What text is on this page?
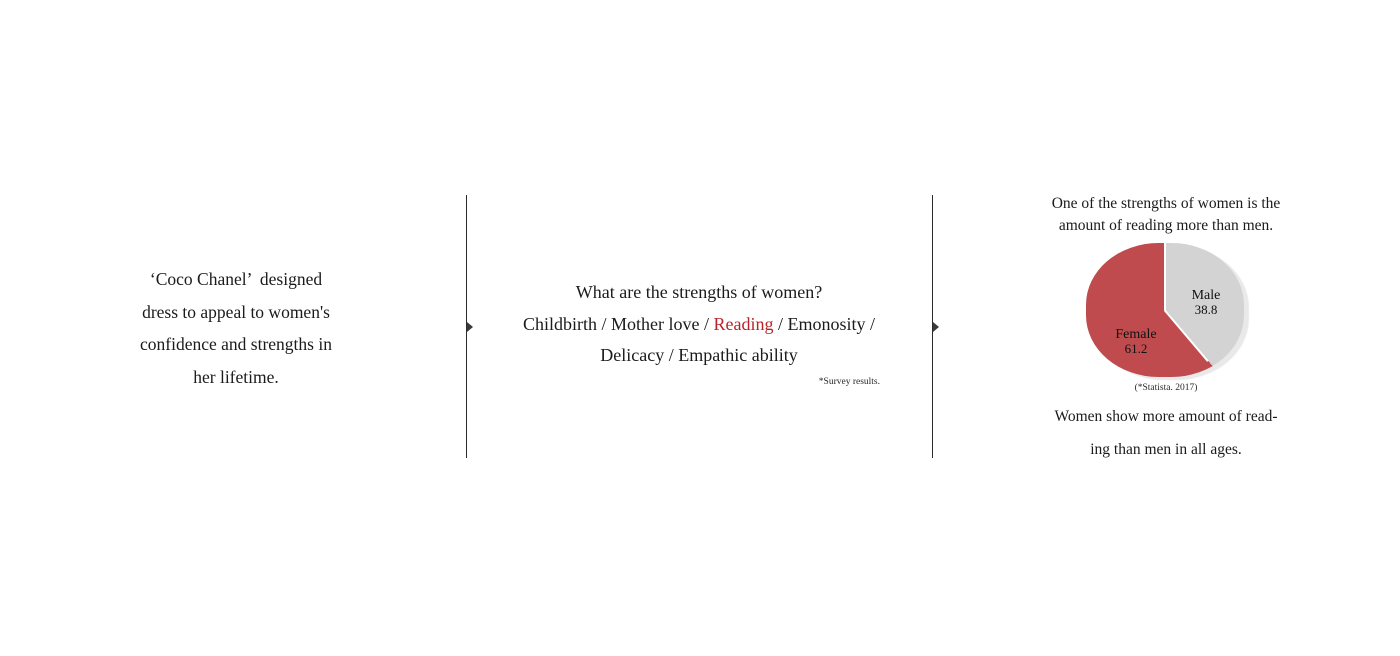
‘Coco Chanel’  designed
dress to appeal to women's
confidence and strengths in
her lifetime.
What are the strengths of women?
Childbirth / Mother love / Reading / Emonosity /
Delicacy / Empathic ability
*Survey results.
One of the strengths of women is the
amount of reading more than men.
Male
38.8
Female
61.2
(*Statista. 2017)
Women show more amount of read-
ing than men in all ages.
